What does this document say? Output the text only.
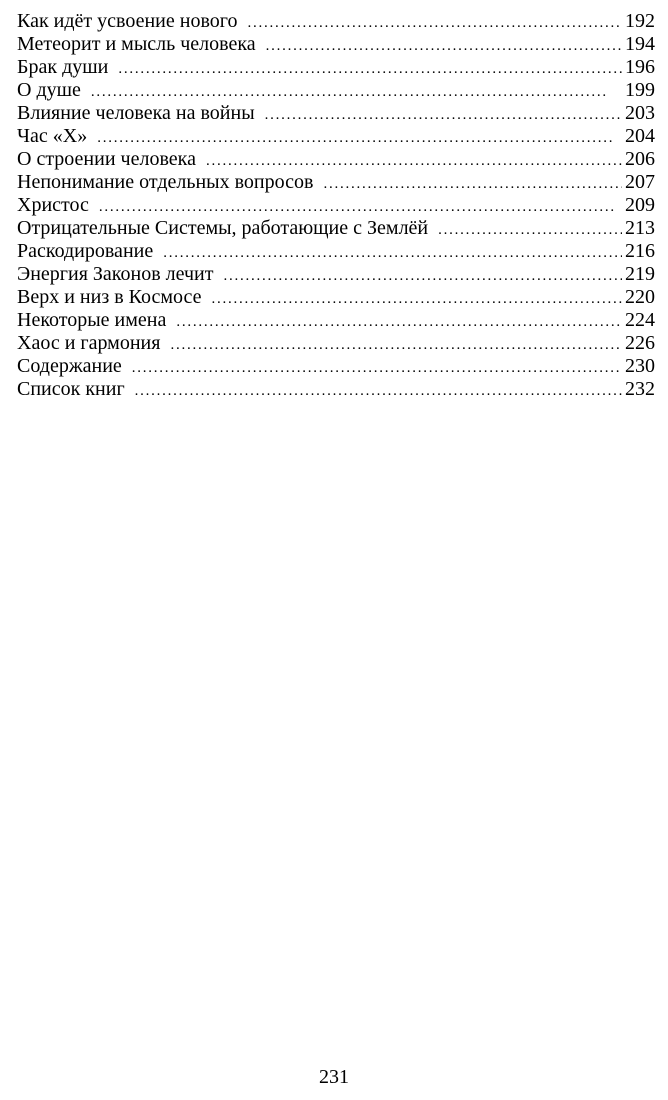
Как идёт усвоение нового . . .	192
Метеорит и мысль человека . . .	194
Брак души . . .	196
О душе . . .	199
Влияние человека на войны . . .	203
Час «X» . . .	204
О строении человека . . .	206
Непонимание отдельных вопросов . . .	207
Христос . . .	209
Отрицательные Системы, работающие с Землёй . . .	213
Раскодирование . . .	216
Энергия Законов лечит . . .	219
Верх и низ в Космосе . . .	220
Некоторые имена . . .	224
Хаос и гармония . . .	226
Содержание . . .	230
Список книг . . .	232
231
